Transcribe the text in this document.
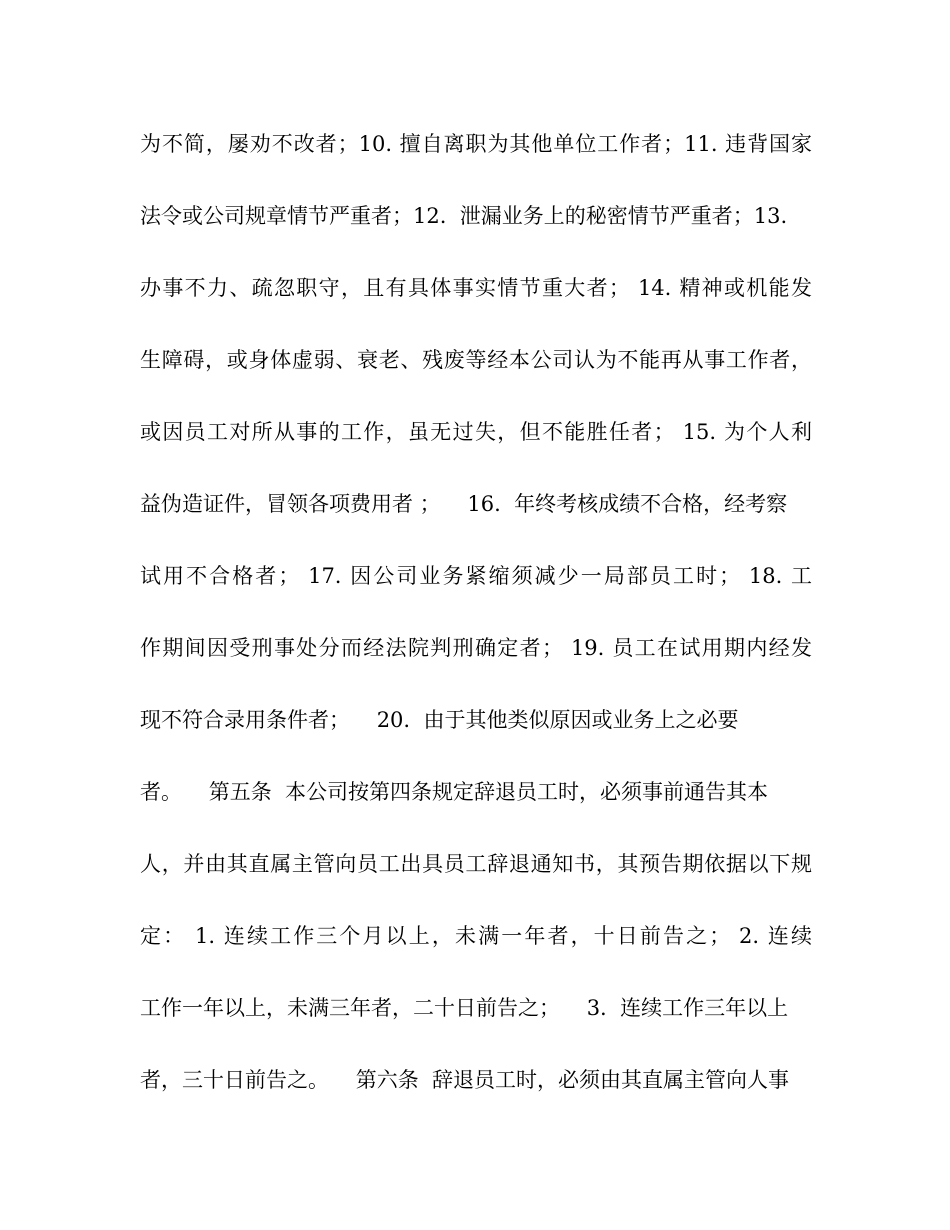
为不简，屡劝不改者；10. 擅自离职为其他单位工作者；11. 违背国家

法令或公司规章情节严重者；12.  泄漏业务上的秘密情节严重者；13.

办事不力、疏忽职守，且有具体事实情节重大者； 14. 精神或机能发

生障碍，或身体虚弱、衰老、残废等经本公司认为不能再从事工作者，

或因员工对所从事的工作，虽无过失，但不能胜任者； 15. 为个人利

益伪造证件，冒领各项费用者 ；    16.  年终考核成绩不合格，经考察

试用不合格者； 17. 因公司业务紧缩须减少一局部员工时； 18. 工

作期间因受刑事处分而经法院判刑确定者； 19. 员工在试用期内经发

现不符合录用条件者；    20.  由于其他类似原因或业务上之必要

者。    第五条  本公司按第四条规定辞退员工时，必须事前通告其本

人，并由其直属主管向员工出具员工辞退通知书，其预告期依据以下规

定： 1. 连续工作三个月以上，未满一年者，十日前告之； 2. 连续

工作一年以上，未满三年者，二十日前告之；    3.  连续工作三年以上

者，三十日前告之。    第六条  辞退员工时，必须由其直属主管向人事
